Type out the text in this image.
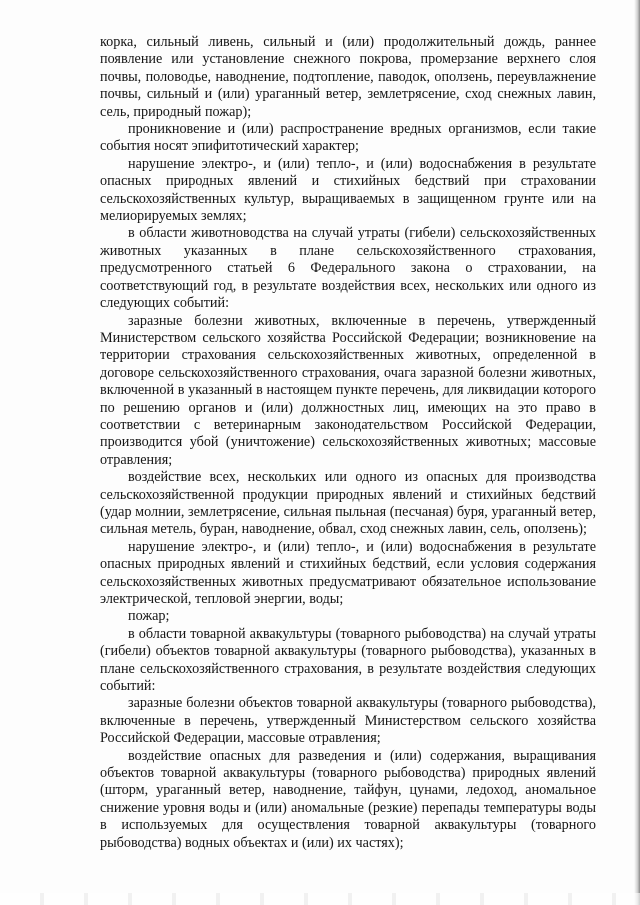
корка, сильный ливень, сильный и (или) продолжительный дождь, раннее появление или установление снежного покрова, промерзание верхнего слоя почвы, половодье, наводнение, подтопление, паводок, оползень, переувлажнение почвы, сильный и (или) ураганный ветер, землетрясение, сход снежных лавин, сель, природный пожар);

проникновение и (или) распространение вредных организмов, если такие события носят эпифитотический характер;

нарушение электро-, и (или) тепло-, и (или) водоснабжения в результате опасных природных явлений и стихийных бедствий при страховании сельскохозяйственных культур, выращиваемых в защищенном грунте или на мелиорируемых землях;

в области животноводства на случай утраты (гибели) сельскохозяйственных животных указанных в плане сельскохозяйственного страхования, предусмотренного статьей 6 Федерального закона о страховании, на соответствующий год, в результате воздействия всех, нескольких или одного из следующих событий:

заразные болезни животных, включенные в перечень, утвержденный Министерством сельского хозяйства Российской Федерации; возникновение на территории страхования сельскохозяйственных животных, определенной в договоре сельскохозяйственного страхования, очага заразной болезни животных, включенной в указанный в настоящем пункте перечень, для ликвидации которого по решению органов и (или) должностных лиц, имеющих на это право в соответствии с ветеринарным законодательством Российской Федерации, производится убой (уничтожение) сельскохозяйственных животных; массовые отравления;

воздействие всех, нескольких или одного из опасных для производства сельскохозяйственной продукции природных явлений и стихийных бедствий (удар молнии, землетрясение, сильная пыльная (песчаная) буря, ураганный ветер, сильная метель, буран, наводнение, обвал, сход снежных лавин, сель, оползень);

нарушение электро-, и (или) тепло-, и (или) водоснабжения в результате опасных природных явлений и стихийных бедствий, если условия содержания сельскохозяйственных животных предусматривают обязательное использование электрической, тепловой энергии, воды;

пожар;

в области товарной аквакультуры (товарного рыбоводства) на случай утраты (гибели) объектов товарной аквакультуры (товарного рыбоводства), указанных в плане сельскохозяйственного страхования, в результате воздействия следующих событий:

заразные болезни объектов товарной аквакультуры (товарного рыбоводства), включенные в перечень, утвержденный Министерством сельского хозяйства Российской Федерации, массовые отравления;

воздействие опасных для разведения и (или) содержания, выращивания объектов товарной аквакультуры (товарного рыбоводства) природных явлений (шторм, ураганный ветер, наводнение, тайфун, цунами, ледоход, аномальное снижение уровня воды и (или) аномальные (резкие) перепады температуры воды в используемых для осуществления товарной аквакультуры (товарного рыбоводства) водных объектах и (или) их частях);
